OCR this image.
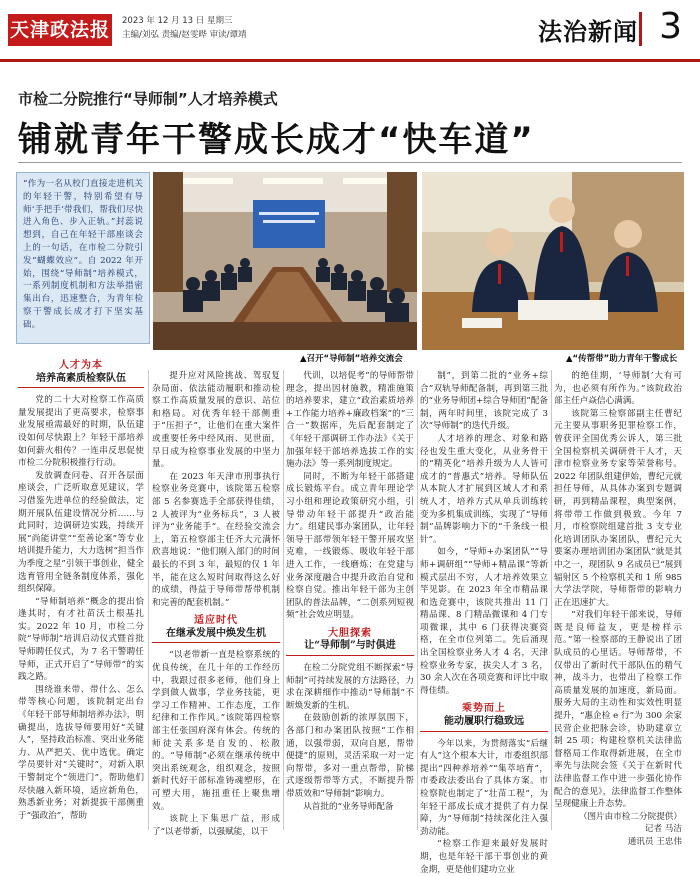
天津政法报 2023 年 12 月 13 日 星期三
主编/刘弘 责编/赵雯晔 审读/谭靖	法治新闻 3
市检二分院推行“导师制”人才培养模式
铺就青年干警成长成才“快车道”
“作为一名从校门直接走进机关的年轻干警，特别希望有导师‘手把手’带我们，帮我们尽快进入角色、步入正轨。”封蕊说想到，自己在年轻干部座谈会上的一句话，在市检二分院引发“蝴蝶效应”。自 2022 年开始，围绕“导师制”培养模式，一系列制度机制和方法举措密集出台，迅速整合，为青年检察干警成长成才打下坚实基础。
▲召开“导师制”培养交流会	▲“传帮带”助力青年干警成长
人才为本
培养高素质检察队伍

党的二十大对检察工作高质量发展提出了更高要求，检察事业发展亟需最好的时期，队伍建设如何尽快跟上？年轻干部培养如何薪火相传？一连串反思促使市检二分院积极推行行动。

发放调查问卷、召开各层面座谈会，广泛听取意见建议，学习借鉴先进单位的经验做法，定期开展队伍建设情况分析……与此同时，边调研边实践，持续开展“尚能讲堂”“至善论案”等专业培训提升能力，大力选树“担当作为季度之星”引领干事创业，健全选育管用全链条制度体系，强化组织保障。

“导师制培养”概念的提出恰逢其时，有才社苗沃土根基扎实。2022 年 10 月，市检二分院“导师制”培训启动仪式暨首批导师聘任仪式，为 7 名干警聘任导师，正式开启了“导师带”的实践之路。

围绕谁来带、带什么、怎么带等核心问题，该院制定出台《年轻干部导师制培养办法》，明确提出，选拔导师要用好“关键人”，坚持政治标准、突出业务能力、从严把关、优中选优。确定学员要针对“关键时”，对新入职干警制定个“领进门”，帮助他们尽快融入新环境，适应新角色，熟悉新业务；对新提拔干部侧重于“强政治”，帮助

提升应对风险挑战、驾驭复杂局面、依法能动履职和推动检察工作高质量发展的意识、站位和格局。对优秀年轻干部侧重于“压担子”，让他们在重大案件或重要任务中经风雨、见世面，早日成为检察事业发展的中坚力量。

在 2023 年天津市刑事执行检察业务竞赛中，该院第五检察部 5 名参赛选手全部获得佳绩，2 人被评为“业务标兵”，3 人被评为“业务能手”。在经验交流会上，第五检察部主任齐大元满怀欣喜地说：“他们刚入部门的时间最长的不到 3 年，最短的仅 1 年半，能在这么短时间取得这么好的成绩，得益于导师带帮带机制和完善的配套机制。”

适应时代
在继承发展中焕发生机

“以老带新一直是检察系统的优良传统，在几十年的工作经历中，我跟过很多老师，他们身上学到做人做事，学业务技能，更学习工作精神、工作态度，工作纪律和工作作风。”该院第四检察部主任张国府深有体会。传统的师徒关系多是自发的、松散的。“导师制”必须在继承传统中突出系统观念，组织观念，按照新时代好干部标准铸魂塑形，在可塑大用，施扭重任上聚焦增效。

该院上下集思广益，形成了“以老带新，以强赋能，以干

代训，以培促考”的导师帮带理念，提出因材施教，精准施策的培养要求，建立“政治素质培养+工作能力培养+廉政档案”的“三合一”数据库，先后配套制定了《年轻干部调研工作办法》《关于加强年轻干部培养选拔工作的实施办法》等一系列制度规定。

同时，不断为年轻干部搭建成长锻炼平台。成立青年理论学习小组和理论政策研究小组，引导带动年轻干部提升“政治能力”。组建民事办案团队，让年轻领导干部带领年轻干警开展攻坚克难，一线锻炼、吸收年轻干部进入工作，一线磨炼；在党建与业务深度融合中提升政治自觉和检察自觉。推出年轻干部为主创团队的普法品牌，“二创系列短视频”社会效应明显。

大胆探索
让“导师制”与时俱进

在检二分院党组不断探索“导师制”可持续发展的方法路径，力求在深耕细作中推动“导师制”不断焕发新的生机。

在鼓励创新的浓厚氛围下，各部门和办案团队按照“工作相通，以强带弱，双向自愿，帮带便捷”的原则，灵活采取一对一定向帮带，多对一重点帮带，阶梯式逐级帮带等方式，不断提升帮带质效和“导师制”影响力。

从首批的“业务导师配备

制”，到第二批的“业务+综合”双轨导师配备制，再到第三批的“业务导师团+综合导师团”配备制，两年时间里，该院完成了 3 次“导师制”的迭代升级。

人才培养的理念、对象和路径也发生重大变化，从业务骨干的“精英化”培养升级为人人皆可成才的“普惠式”培养。导师队伍从本院人才扩展到区域人才和系统人才，培养方式从单兵训练转变为多机集成训练，实现了“导师制”品牌影响力下的“千条线一根针”。

如今，“导师+办案团队”“导师+调研组”“导师+精品课”等新模式层出不穷，人才培养效果立竿见影。在 2023 年全市精品课和选竞赛中，该院共推出 11 门精品课、8 门精品微课和 4 门专项微课，其中 6 门获得决赛资格，在全市位列第二。先后涌现出全国检察业务人才 4 名，天津检察业务专家，拔尖人才 3 名，30 余人次在各项竞赛和评比中取得佳绩。

乘势而上
能动履职行稳致远

今年以来，为贯彻落实“后继有人”这个根本大计，市委组织部提出“四种养培养”“集萃培育”，市委政法委出台了具体方案。市检察院也制定了“壮苗工程”，为年轻干部成长成才提供了有力保障，为“导师制”持续深化注入强劲动能。

“检察工作迎来最好发展时期，也是年轻干部干事创业的黄金期，更是他们建功立业

的绝佳期，‘导师制’大有可为，也必须有所作为。”该院政治部主任卢焱信心满满。

该院第三检察部副主任曹纪元主要从事职务犯罪检察工作，曾获评全国优秀公诉人，第三批全国检察机关调研骨干人才，天津市检察业务专家等荣誉称号。2022 年团队组建伊始，曹纪元就担任导师，从具体办案到专题调研，再到精品课程，典型案例，将带带工作做到极致。今年 7 月，市检察院组建首批 3 支专业化培训团队办案团队，曹纪元大要案办理培训团办案团队”就是其中之一，现团队 9 名成员已“展到辐射区 5 个检察机关和 1 所 985 大学法学院，导师帮带的影响力正在迅速扩大。

“对我们年轻干部来说，导师既是良师益友，更是榜样示范。”第一检察部的王静说出了团队成员的心里话。导师帮带，不仅带出了新时代干部队伍的精气神，战斗力，也带出了检察工作高质量发展的加速度，新局面。服务大局的主动性和实效性明显提升，“惠企检 e 行”为 300 余家民营企业把脉会诊，协助建章立制 25 项；构建检察机关法律监督格局工作取得新进展，在全市率先与法院会签《关于在新时代法律监督工作中进一步强化协作配合的意见》，法律监督工作整体呈现健康上升态势。

（图片由市检二分院提供）
记者 马洁
通讯员 王忠伟
